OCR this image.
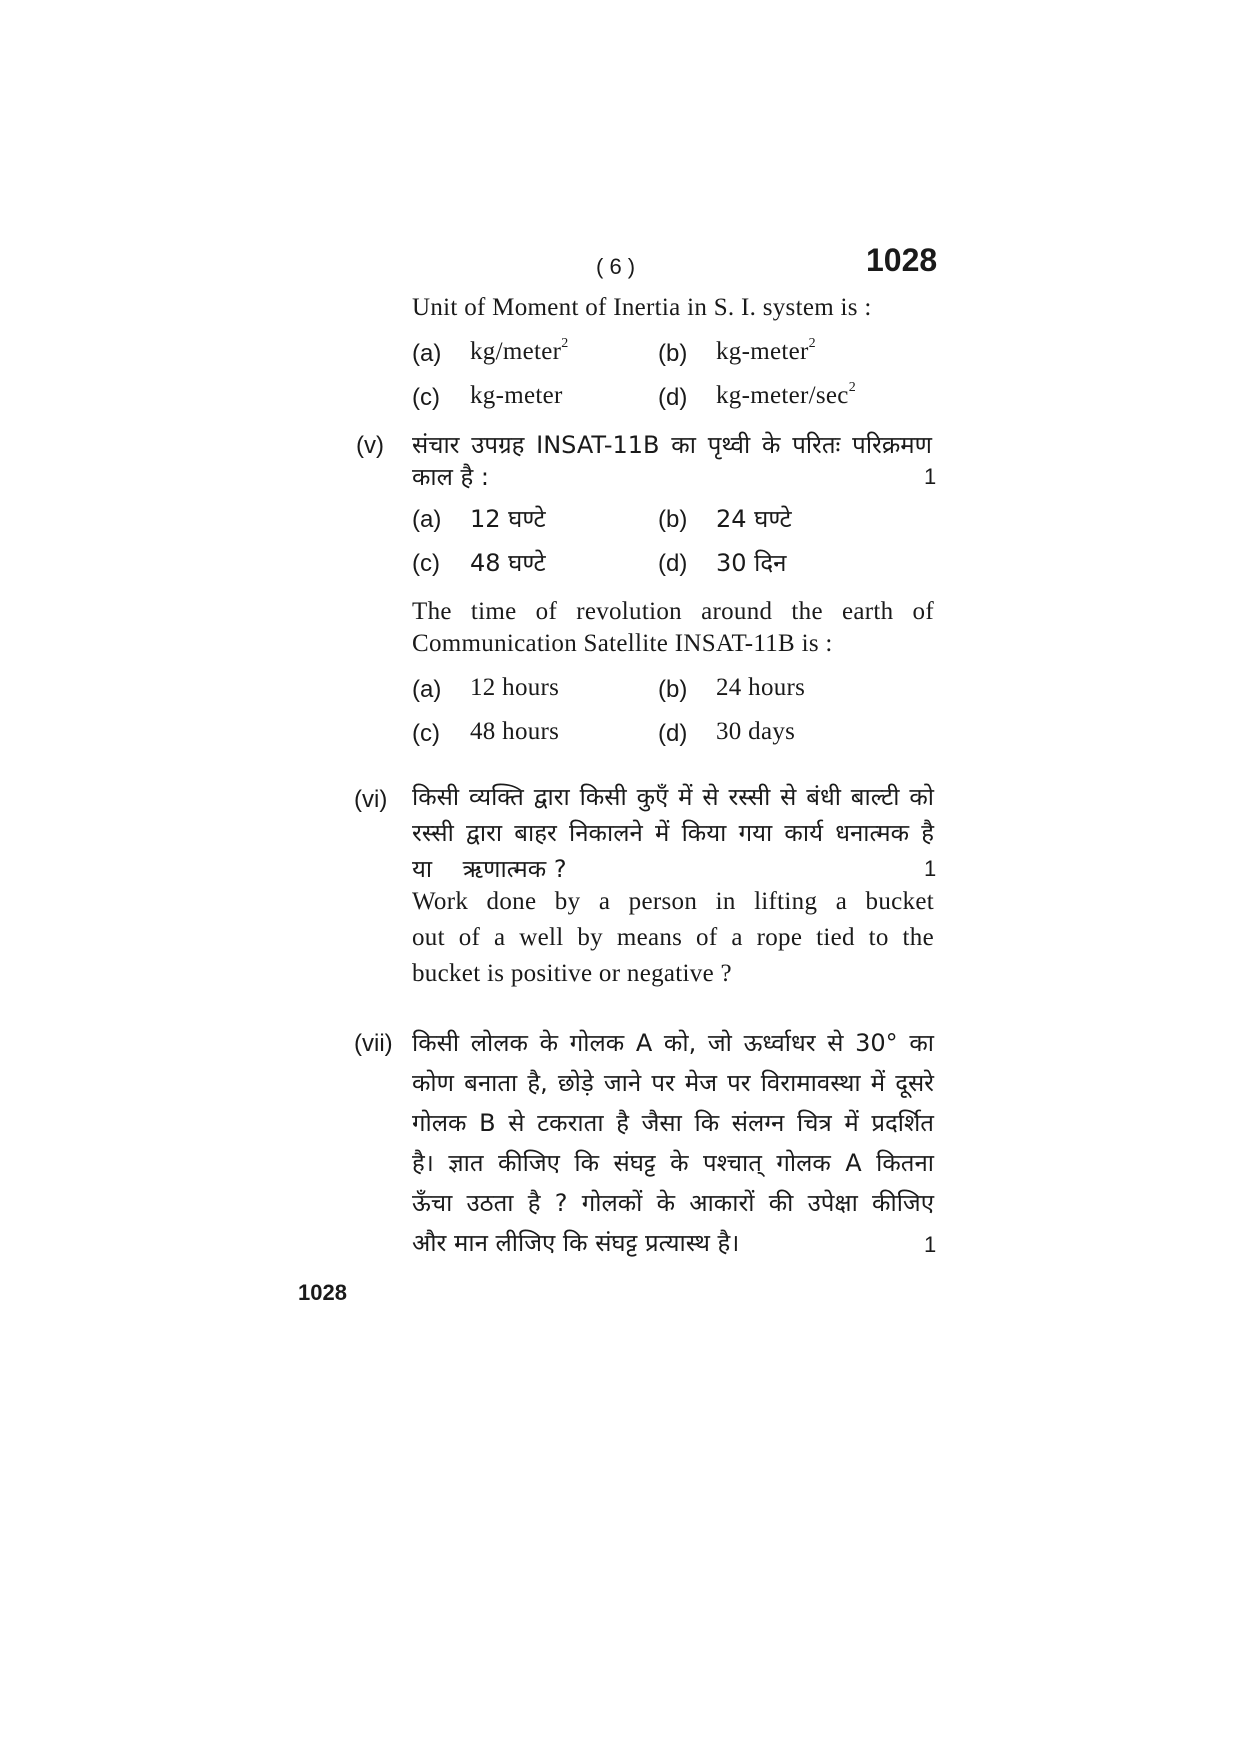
( 6 )	1028
Unit of Moment of Inertia in S. I. system is :
(a) kg/meter$^2$	(b) kg-meter$^2$
(c) kg-meter	(d) $kg-meter/\sec^2$
(v) संचार उपग्रह INSAT-11B का पृथ्वी के परितः परिक्रमण
काल है :	1
(a) 12 घण्टे	(b) 24 घण्टे
(c) 48 घण्टे	(d) 30 दिन
The time of revolution around the earth of
Communication Satellite INSAT-11B is :
(a) 12 hours	(b) 24 hours
(c) 48 hours	(d) 30 days
(vi) किसी व्यक्ति द्वारा किसी कुएँ में से रस्सी से बंधी बाल्टी को
रस्सी द्वारा बाहर निकालने में किया गया कार्य धनात्मक है
या    ऋणात्मक ?	1
Work done by a person in lifting a bucket
out of a well by means of a rope tied to the
bucket is positive or negative ?
(vii) किसी लोलक के गोलक A को, जो ऊर्ध्वाधर से 30° का
कोण बनाता है, छोड़े जाने पर मेज पर विरामावस्था में दूसरे
गोलक B से टकराता है जैसा कि संलग्न चित्र में प्रदर्शित
है। ज्ञात कीजिए कि संघट्ट के पश्चात् गोलक A कितना
ऊँचा उठता है ? गोलकों के आकारों की उपेक्षा कीजिए
और मान लीजिए कि संघट्ट प्रत्यास्थ है।	1
1028
